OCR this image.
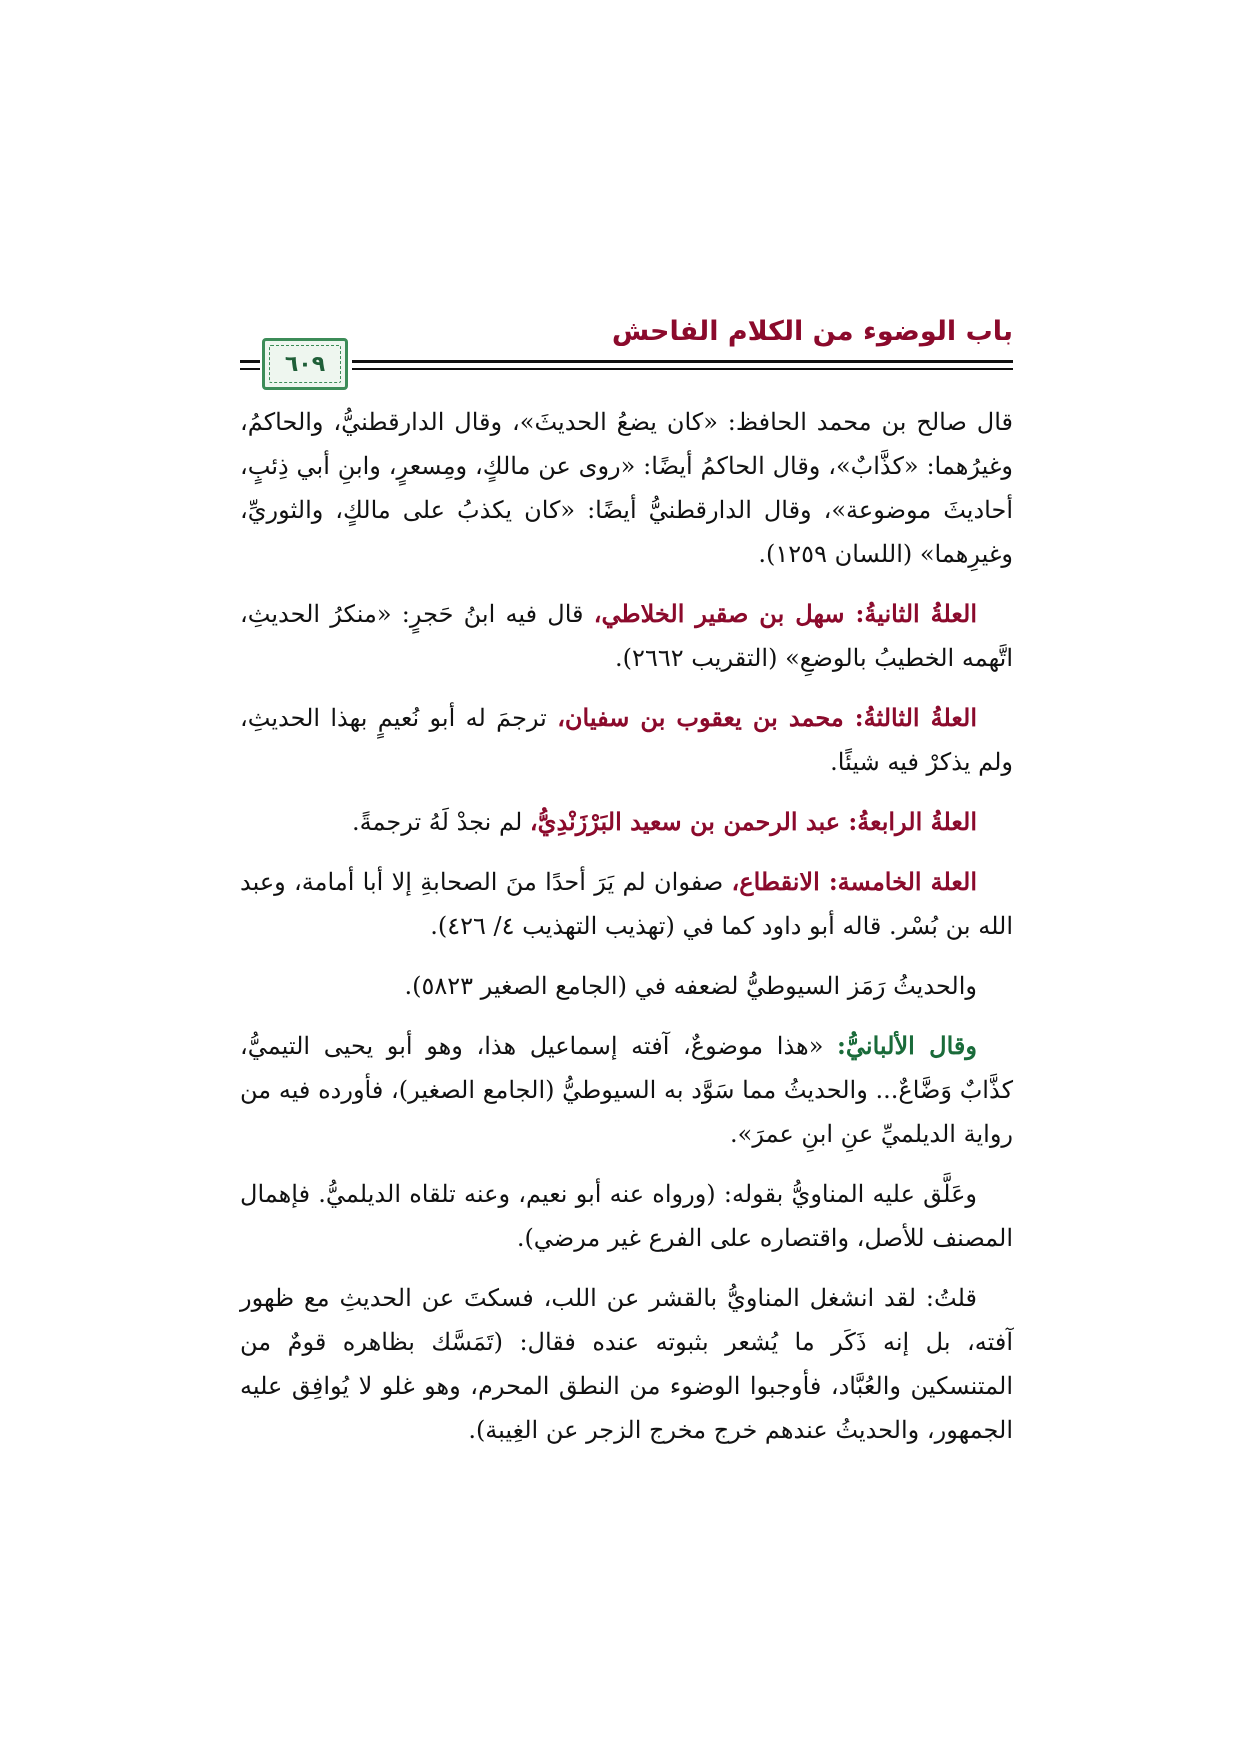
باب الوضوء من الكلام الفاحش
٦٠٩

قال صالح بن محمد الحافظ: «كان يضعُ الحديثَ»، وقال الدارقطنيُّ، والحاكمُ، وغيرُهما: «كذَّابٌ»، وقال الحاكمُ أيضًا: «روى عن مالكٍ، ومِسعرٍ، وابنِ أبي ذِئبٍ، أحاديثَ موضوعة»، وقال الدارقطنيُّ أيضًا: «كان يكذبُ على مالكٍ، والثوريِّ، وغيرِهما» (اللسان ١٢٥٩).

العلةُ الثانيةُ: سهل بن صقير الخلاطي، قال فيه ابنُ حَجرٍ: «منكرُ الحديثِ، اتَّهمه الخطيبُ بالوضعِ» (التقريب ٢٦٦٢).

العلةُ الثالثةُ: محمد بن يعقوب بن سفيان، ترجمَ له أبو نُعيمٍ بهذا الحديثِ، ولم يذكرْ فيه شيئًا.

العلةُ الرابعةُ: عبد الرحمن بن سعيد البَرْزَنْدِيُّ، لم نجدْ لَهُ ترجمةً.

العلة الخامسة: الانقطاع، صفوان لم يَرَ أحدًا منَ الصحابةِ إلا أبا أمامة، وعبد الله بن بُسْر. قاله أبو داود كما في (تهذيب التهذيب ٤/ ٤٢٦).

والحديثُ رَمَز السيوطيُّ لضعفه في (الجامع الصغير ٥٨٢٣).

وقال الألبانيُّ: «هذا موضوعٌ، آفته إسماعيل هذا، وهو أبو يحيى التيميُّ، كذَّابٌ وَضَّاعٌ... والحديثُ مما سَوَّد به السيوطيُّ (الجامع الصغير)، فأورده فيه من رواية الديلميِّ عنِ ابنِ عمرَ».

وعَلَّق عليه المناويُّ بقوله: (ورواه عنه أبو نعيم، وعنه تلقاه الديلميُّ. فإهمال المصنف للأصل، واقتصاره على الفرع غير مرضي).

قلتُ: لقد انشغل المناويُّ بالقشر عن اللب، فسكتَ عن الحديثِ مع ظهور آفته، بل إنه ذَكَر ما يُشعر بثبوته عنده فقال: (تَمَسَّك بظاهره قومٌ من المتنسكين والعُبَّاد، فأوجبوا الوضوء من النطق المحرم، وهو غلو لا يُوافِق عليه الجمهور، والحديثُ عندهم خرج مخرج الزجر عن الغِيبة).
